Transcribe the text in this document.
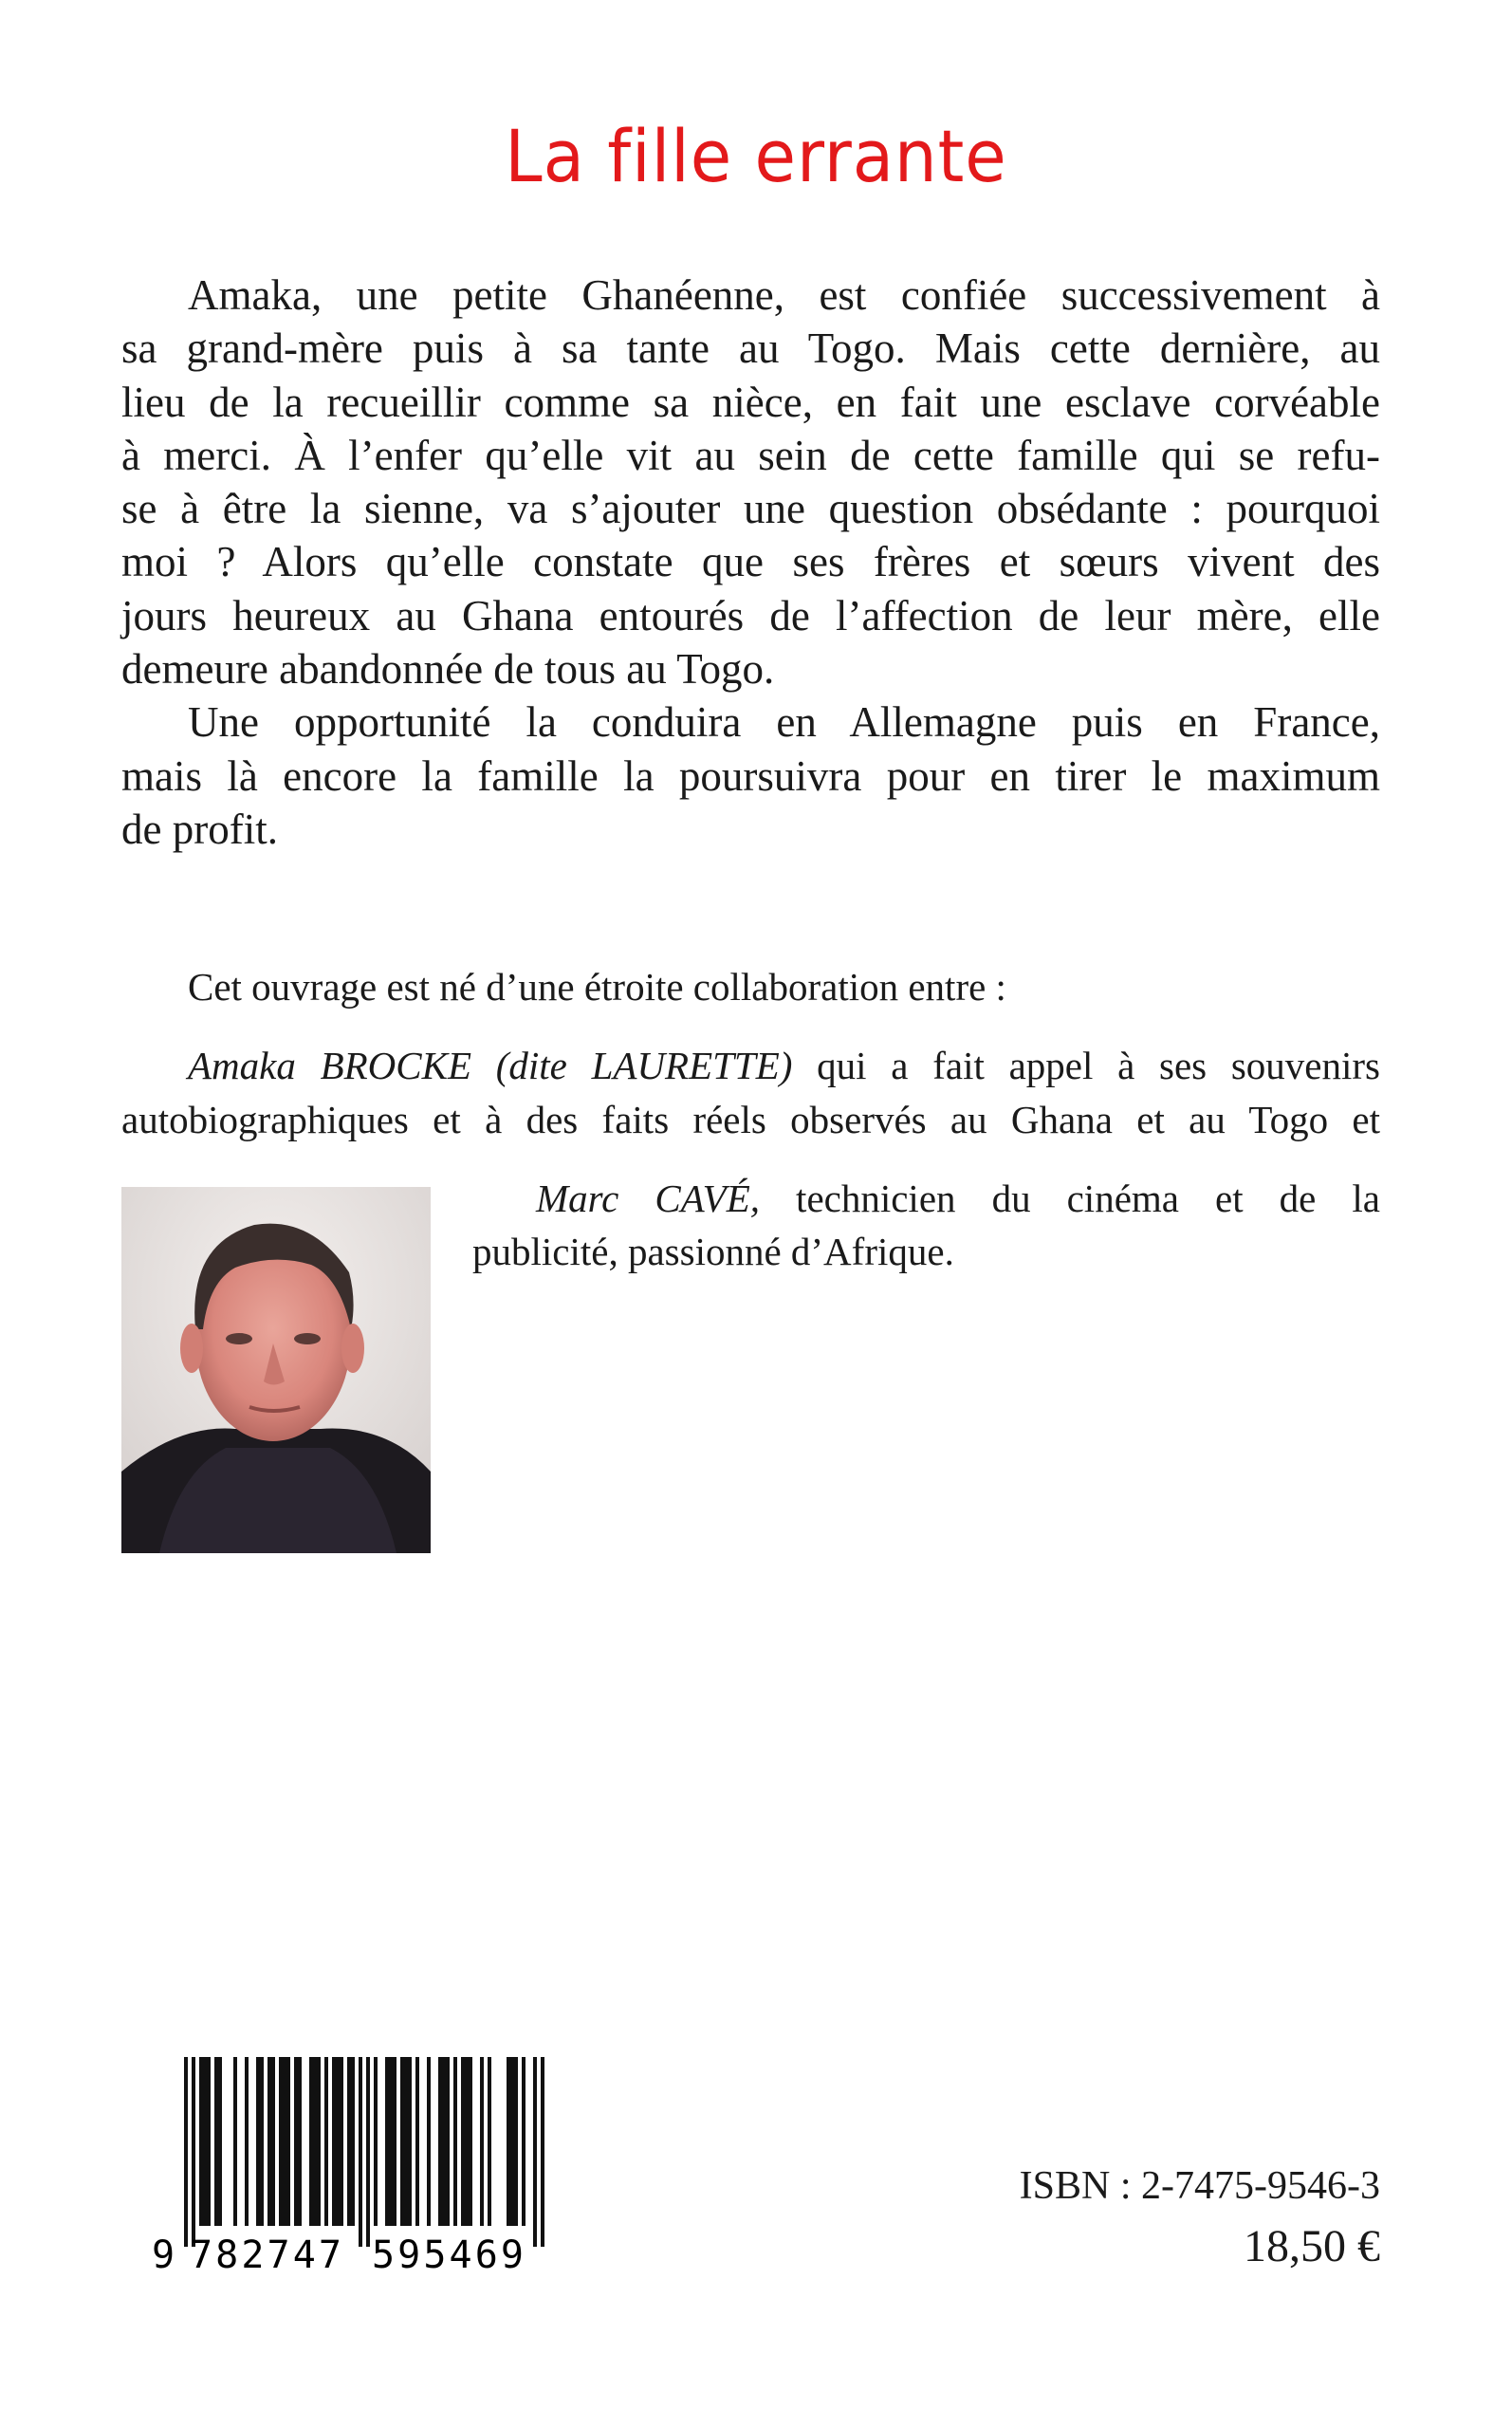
La fille errante
Amaka, une petite Ghanéenne, est confiée successivement à
sa grand-mère puis à sa tante au Togo. Mais cette dernière, au
lieu de la recueillir comme sa nièce, en fait une esclave corvéable
à merci. À l’enfer qu’elle vit au sein de cette famille qui se refu-
se à être la sienne, va s’ajouter une question obsédante : pourquoi
moi ? Alors qu’elle constate que ses frères et sœurs vivent des
jours heureux au Ghana entourés de l’affection de leur mère, elle
demeure abandonnée de tous au Togo.
Une opportunité la conduira en Allemagne puis en France,
mais là encore la famille la poursuivra pour en tirer le maximum
de profit.
Cet ouvrage est né d’une étroite collaboration entre :
Amaka BROCKE (dite LAURETTE) qui a fait appel à ses souvenirs
autobiographiques et à des faits réels observés au Ghana et au Togo et
Marc CAVÉ, technicien du cinéma et de la
publicité, passionné d’Afrique.
9 782747 595469
ISBN : 2-7475-9546-3
18,50 €
